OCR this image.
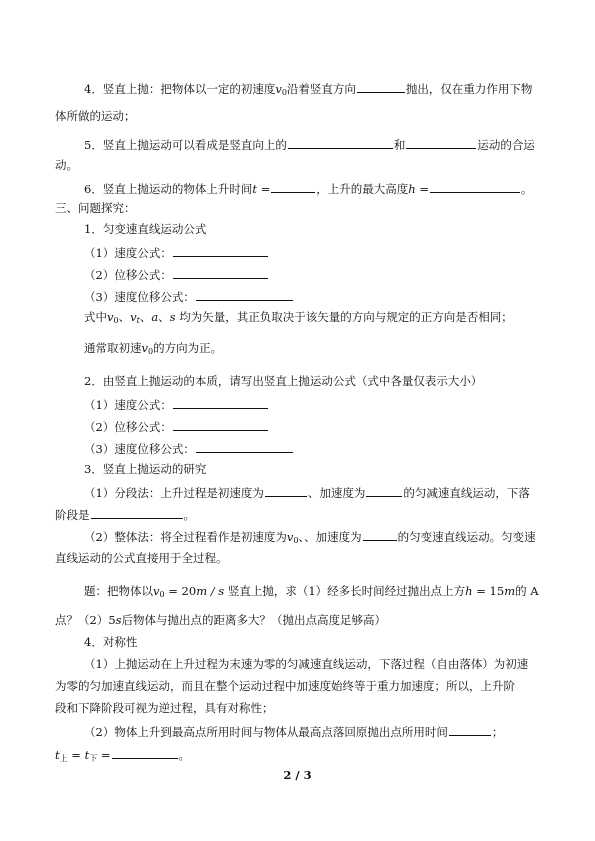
4．竖直上抛：把物体以一定的初速度$v_0$沿着竖直方向	抛出，仅在重力作用下物
体所做的运动；
5．竖直上抛运动可以看成是竖直向上的	和	运动的合运
动。
6．竖直上抛运动的物体上升时间t =	，上升的最大高度h =	。
三、问题探究：
1．匀变速直线运动公式
（1）速度公式：
（2）位移公式：
（3）速度位移公式：
式中$v_0$、$v_t$、a、s 均为矢量，其正负取决于该矢量的方向与规定的正方向是否相同；
通常取初速$v_0$的方向为正。
2．由竖直上抛运动的本质，请写出竖直上抛运动公式（式中各量仅表示大小）
（1）速度公式：
（2）位移公式：
（3）速度位移公式：
3．竖直上抛运动的研究
（1）分段法：上升过程是初速度为	、加速度为	的匀减速直线运动，下落
阶段是	。
（2）整体法：将全过程看作是初速度为$v_0$、、加速度为	的匀变速直线运动。匀变速
直线运动的公式直接用于全过程。
题：把物体以$v_0 = 20m / s$ 竖直上抛，求（1）经多长时间经过抛出点上方h = 15m的 A
点？（2）5s后物体与抛出点的距离多大？（抛出点高度足够高）
4．对称性
（1）上抛运动在上升过程为末速为零的匀减速直线运动，下落过程（自由落体）为初速
为零的匀加速直线运动，而且在整个运动过程中加速度始终等于重力加速度；所以，上升阶
段和下降阶段可视为逆过程，具有对称性；
（2）物体上升到最高点所用时间与物体从最高点落回原抛出点所用时间	；
$t_上 = t_下$ =	。
2 / 3
